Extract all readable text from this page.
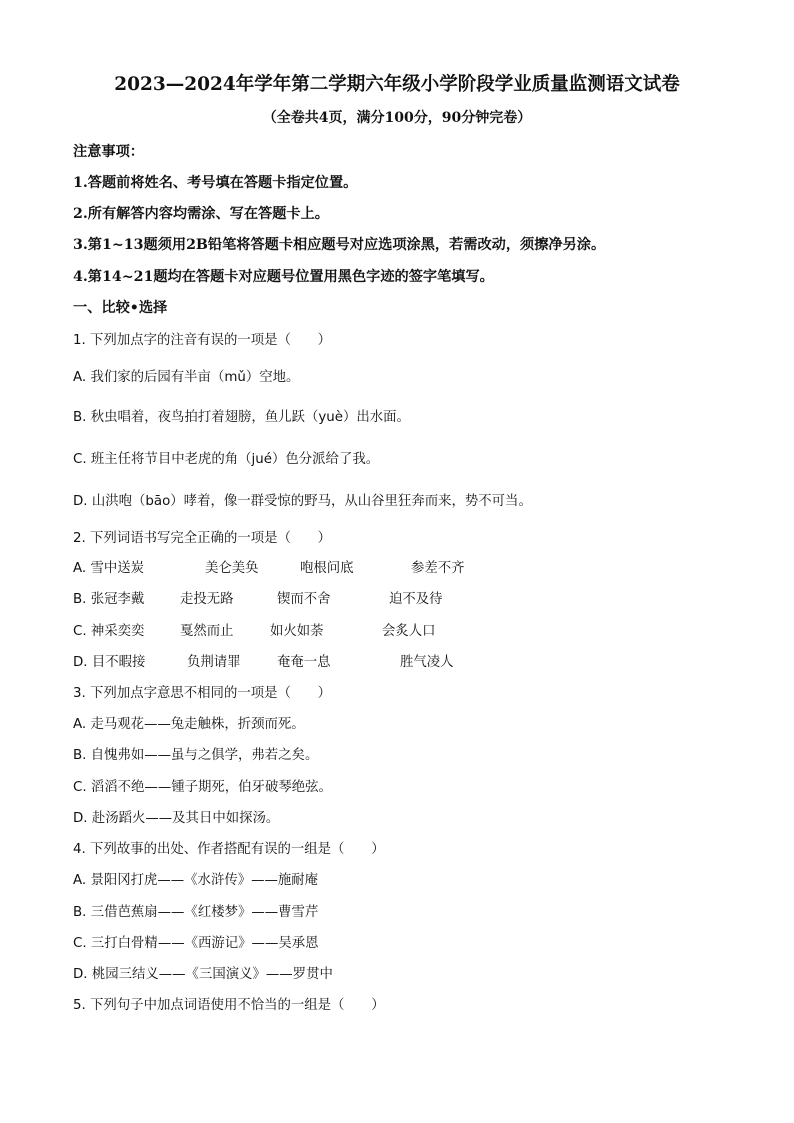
2023—2024年学年第二学期六年级小学阶段学业质量监测语文试卷
（全卷共4页，满分100分，90分钟完卷）
注意事项：
1.答题前将姓名、考号填在答题卡指定位置。
2.所有解答内容均需涂、写在答题卡上。
3.第1~13题须用2B铅笔将答题卡相应题号对应选项涂黑，若需改动，须擦净另涂。
4.第14~21题均在答题卡对应题号位置用黑色字迹的签字笔填写。
一、比较•选择
1. 下列加点字的注音有误的一项是（　　）
A. 我们家的后园有半亩（mǔ）空地。
B. 秋虫唱着，夜鸟拍打着翅膀，鱼儿跃（yuè）出水面。
C. 班主任将节目中老虎的角（jué）色分派给了我。
D. 山洪咆（bāo）哮着，像一群受惊的野马，从山谷里狂奔而来，势不可当。
2. 下列词语书写完全正确的一项是（　　）
A. 雪中送炭	美仑美奂	咆根问底	参差不齐
B. 张冠李戴	走投无路	锲而不舍	迫不及待
C. 神采奕奕	戛然而止	如火如荼	会炙人口
D. 目不暇接	负荆请罪	奄奄一息	胜气凌人
3. 下列加点字意思不相同的一项是（　　）
A. 走马观花——兔走触株，折颈而死。
B. 自愧弗如——虽与之俱学，弗若之矣。
C. 滔滔不绝——锺子期死，伯牙破琴绝弦。
D. 赴汤蹈火——及其日中如探汤。
4. 下列故事的出处、作者搭配有误的一组是（　　）
A. 景阳冈打虎——《水浒传》——施耐庵
B. 三借芭蕉扇——《红楼梦》——曹雪芹
C. 三打白骨精——《西游记》——吴承恩
D. 桃园三结义——《三国演义》——罗贯中
5. 下列句子中加点词语使用不恰当的一组是（　　）
